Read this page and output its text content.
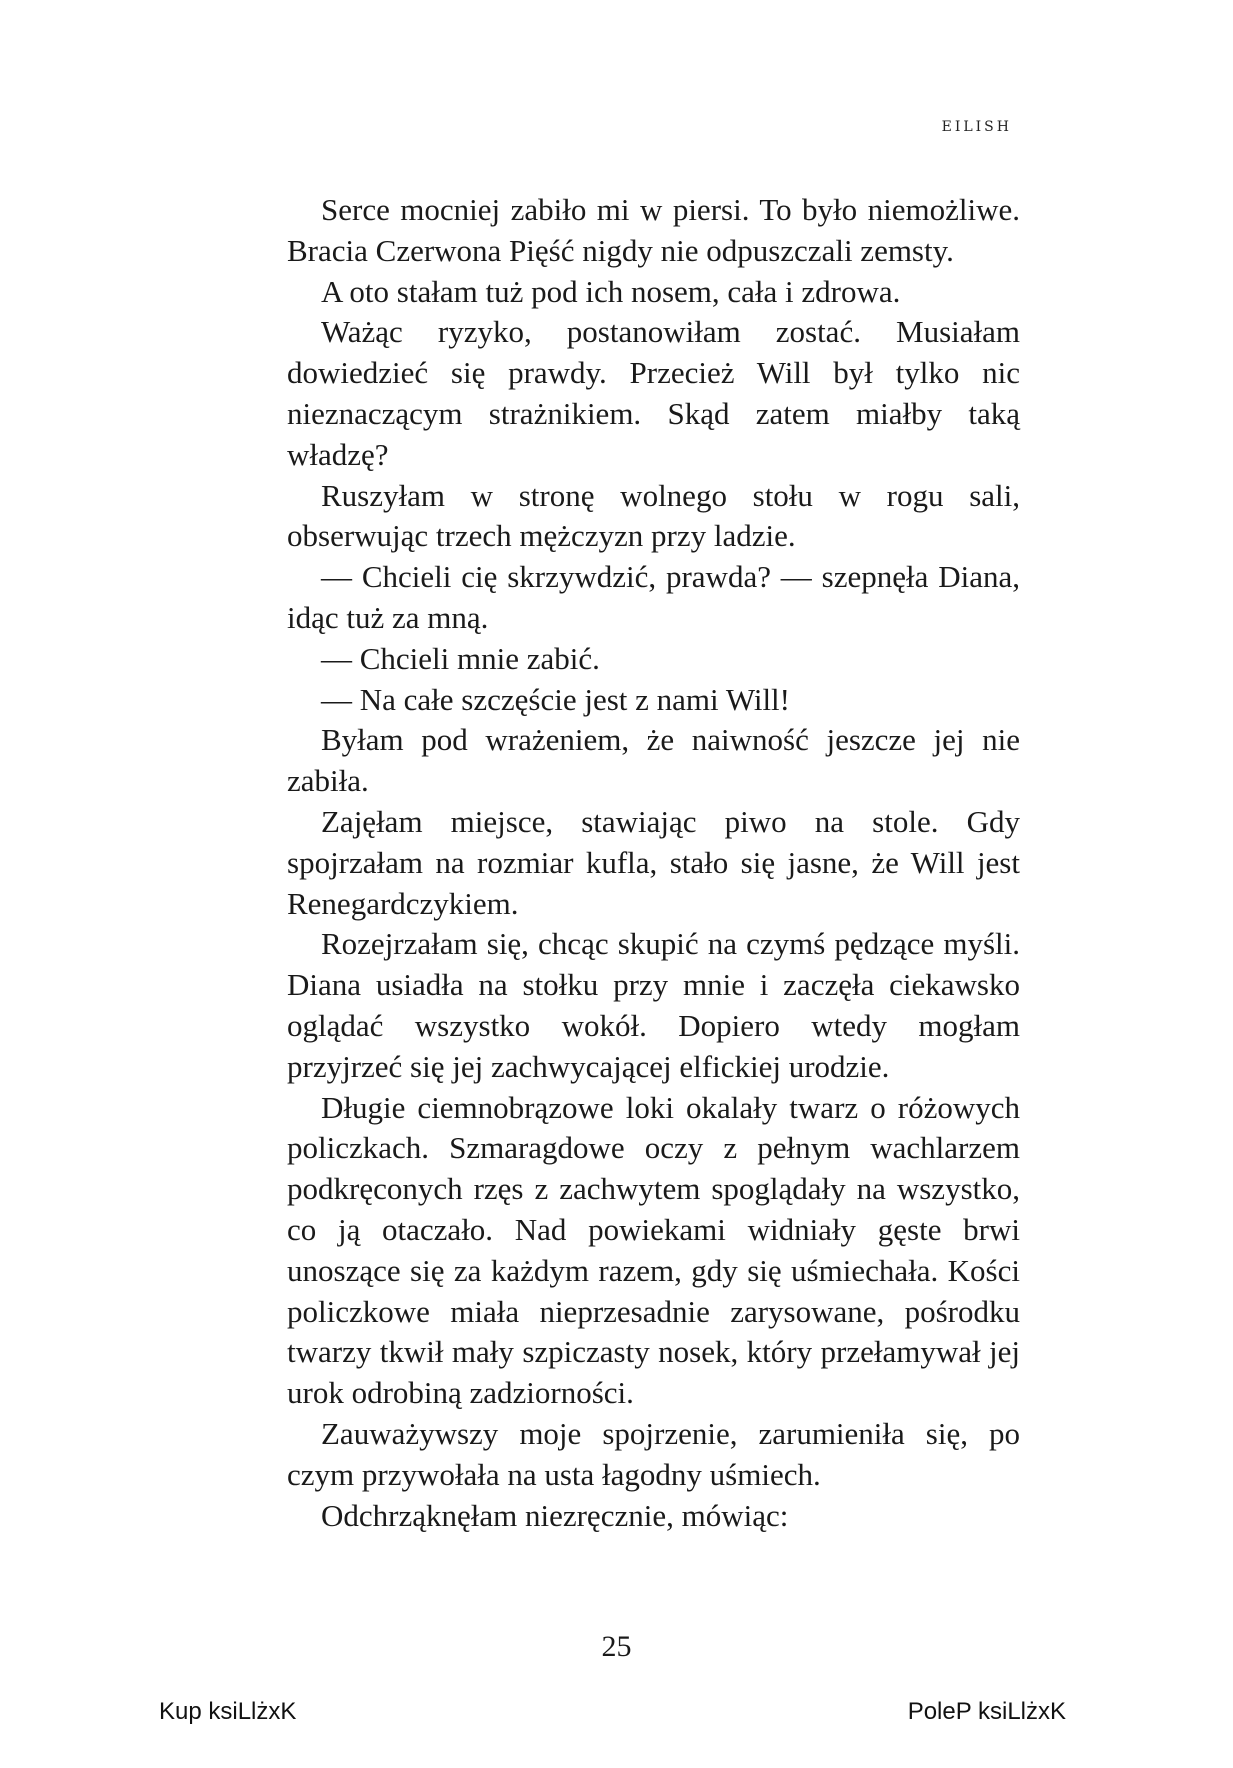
EILISH

Serce mocniej zabiło mi w piersi. To było niemożliwe. Bracia Czerwona Pięść nigdy nie odpuszczali zemsty.

A oto stałam tuż pod ich nosem, cała i zdrowa.

Ważąc ryzyko, postanowiłam zostać. Musiałam dowiedzieć się prawdy. Przecież Will był tylko nic nieznaczącym strażnikiem. Skąd zatem miałby taką władzę?

Ruszyłam w stronę wolnego stołu w rogu sali, obserwując trzech mężczyzn przy ladzie.

— Chcieli cię skrzywdzić, prawda? — szepnęła Diana, idąc tuż za mną.

— Chcieli mnie zabić.

— Na całe szczęście jest z nami Will!

Byłam pod wrażeniem, że naiwność jeszcze jej nie zabiła.

Zajęłam miejsce, stawiając piwo na stole. Gdy spojrzałam na rozmiar kufla, stało się jasne, że Will jest Renegardczykiem.

Rozejrzałam się, chcąc skupić na czymś pędzące myśli. Diana usiadła na stołku przy mnie i zaczęła ciekawsko oglądać wszystko wokół. Dopiero wtedy mogłam przyjrzeć się jej zachwycającej elfickiej urodzie.

Długie ciemnobrązowe loki okalały twarz o różowych policzkach. Szmaragdowe oczy z pełnym wachlarzem podkręconych rzęs z zachwytem spoglądały na wszystko, co ją otaczało. Nad powiekami widniały gęste brwi unoszące się za każdym razem, gdy się uśmiechała. Kości policzkowe miała nieprzesadnie zarysowane, pośrodku twarzy tkwił mały szpiczasty nosek, który przełamywał jej urok odrobiną zadziorności.

Zauważywszy moje spojrzenie, zarumieniła się, po czym przywołała na usta łagodny uśmiech.

Odchrząknęłam niezręcznie, mówiąc:

25
Kup ksiLlżxK	PoleP ksiLlżxK
